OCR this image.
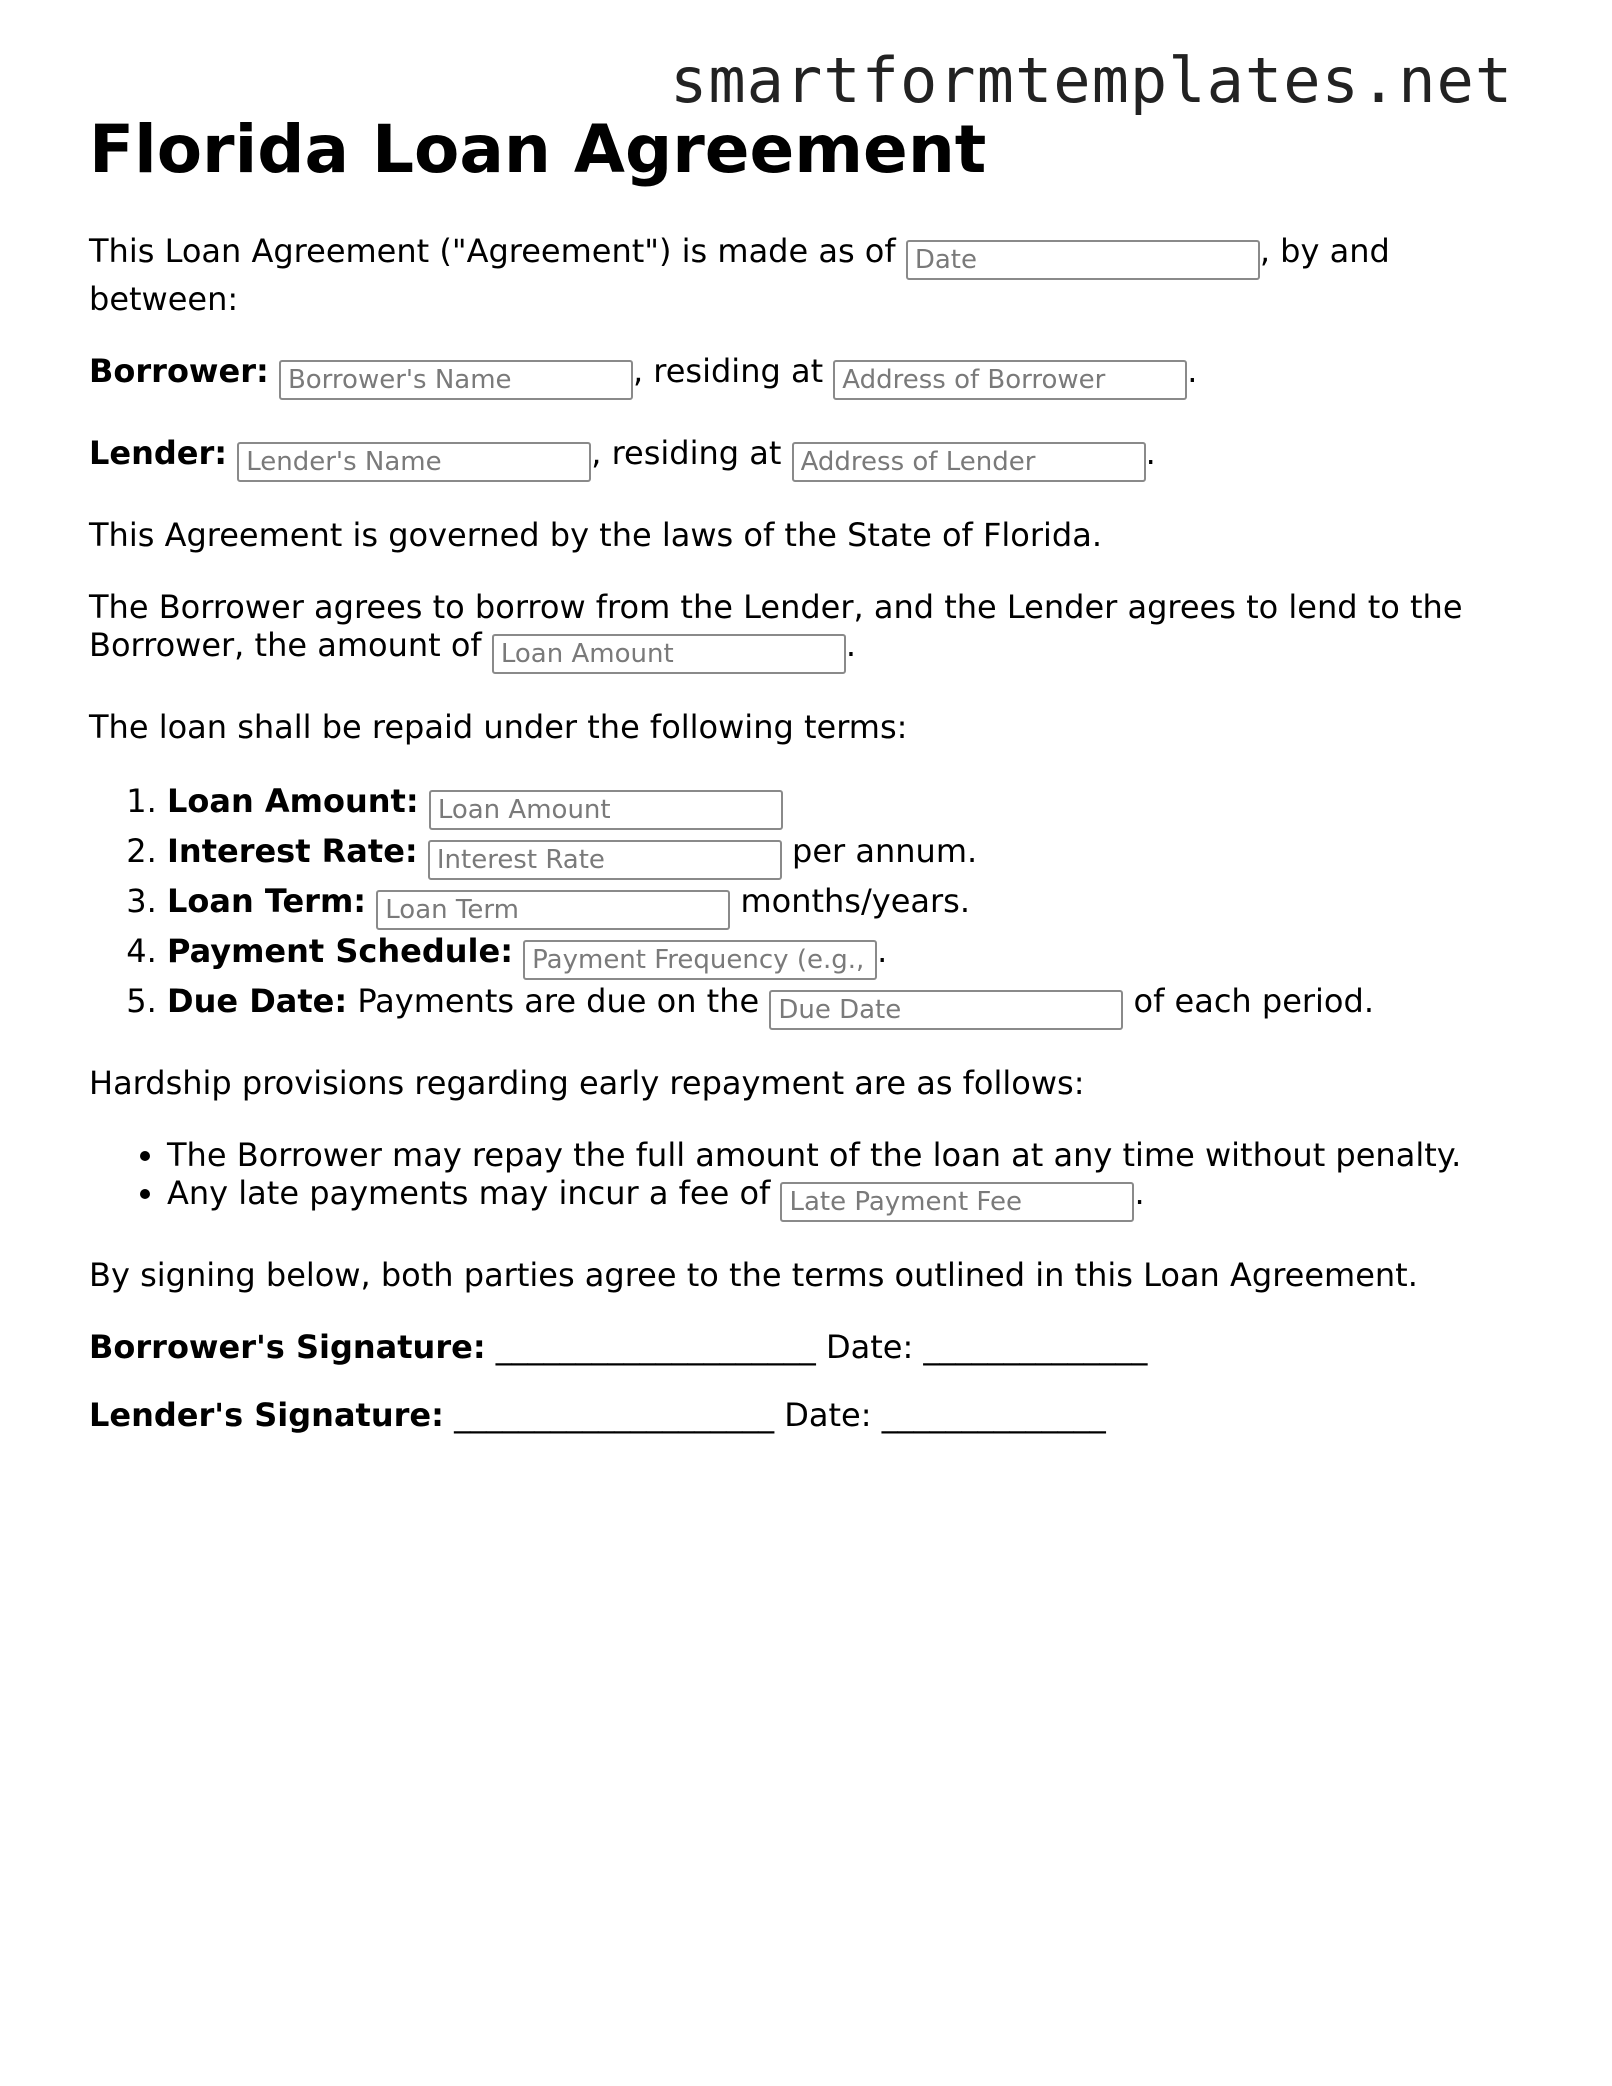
smartformtemplates.net
Florida Loan Agreement

This Loan Agreement ("Agreement") is made as of Date	, by and between:

Borrower: Borrower's Name	, residing at Address of Borrower	.

Lender: Lender's Name	, residing at Address of Lender	.

This Agreement is governed by the laws of the State of Florida.

The Borrower agrees to borrow from the Lender, and the Lender agrees to lend to the Borrower, the amount of Loan Amount	.

The loan shall be repaid under the following terms:

1. Loan Amount: Loan Amount
2. Interest Rate: Interest Rate	per annum.
3. Loan Term: Loan Term	months/years.
4. Payment Schedule: Payment Frequency (e.g., monthly)	.
5. Due Date: Payments are due on the Due Date	of each period.

Hardship provisions regarding early repayment are as follows:

• The Borrower may repay the full amount of the loan at any time without penalty.
• Any late payments may incur a fee of Late Payment Fee	.

By signing below, both parties agree to the terms outlined in this Loan Agreement.

Borrower's Signature: ____________________ Date: ______________

Lender's Signature: ____________________ Date: ______________
